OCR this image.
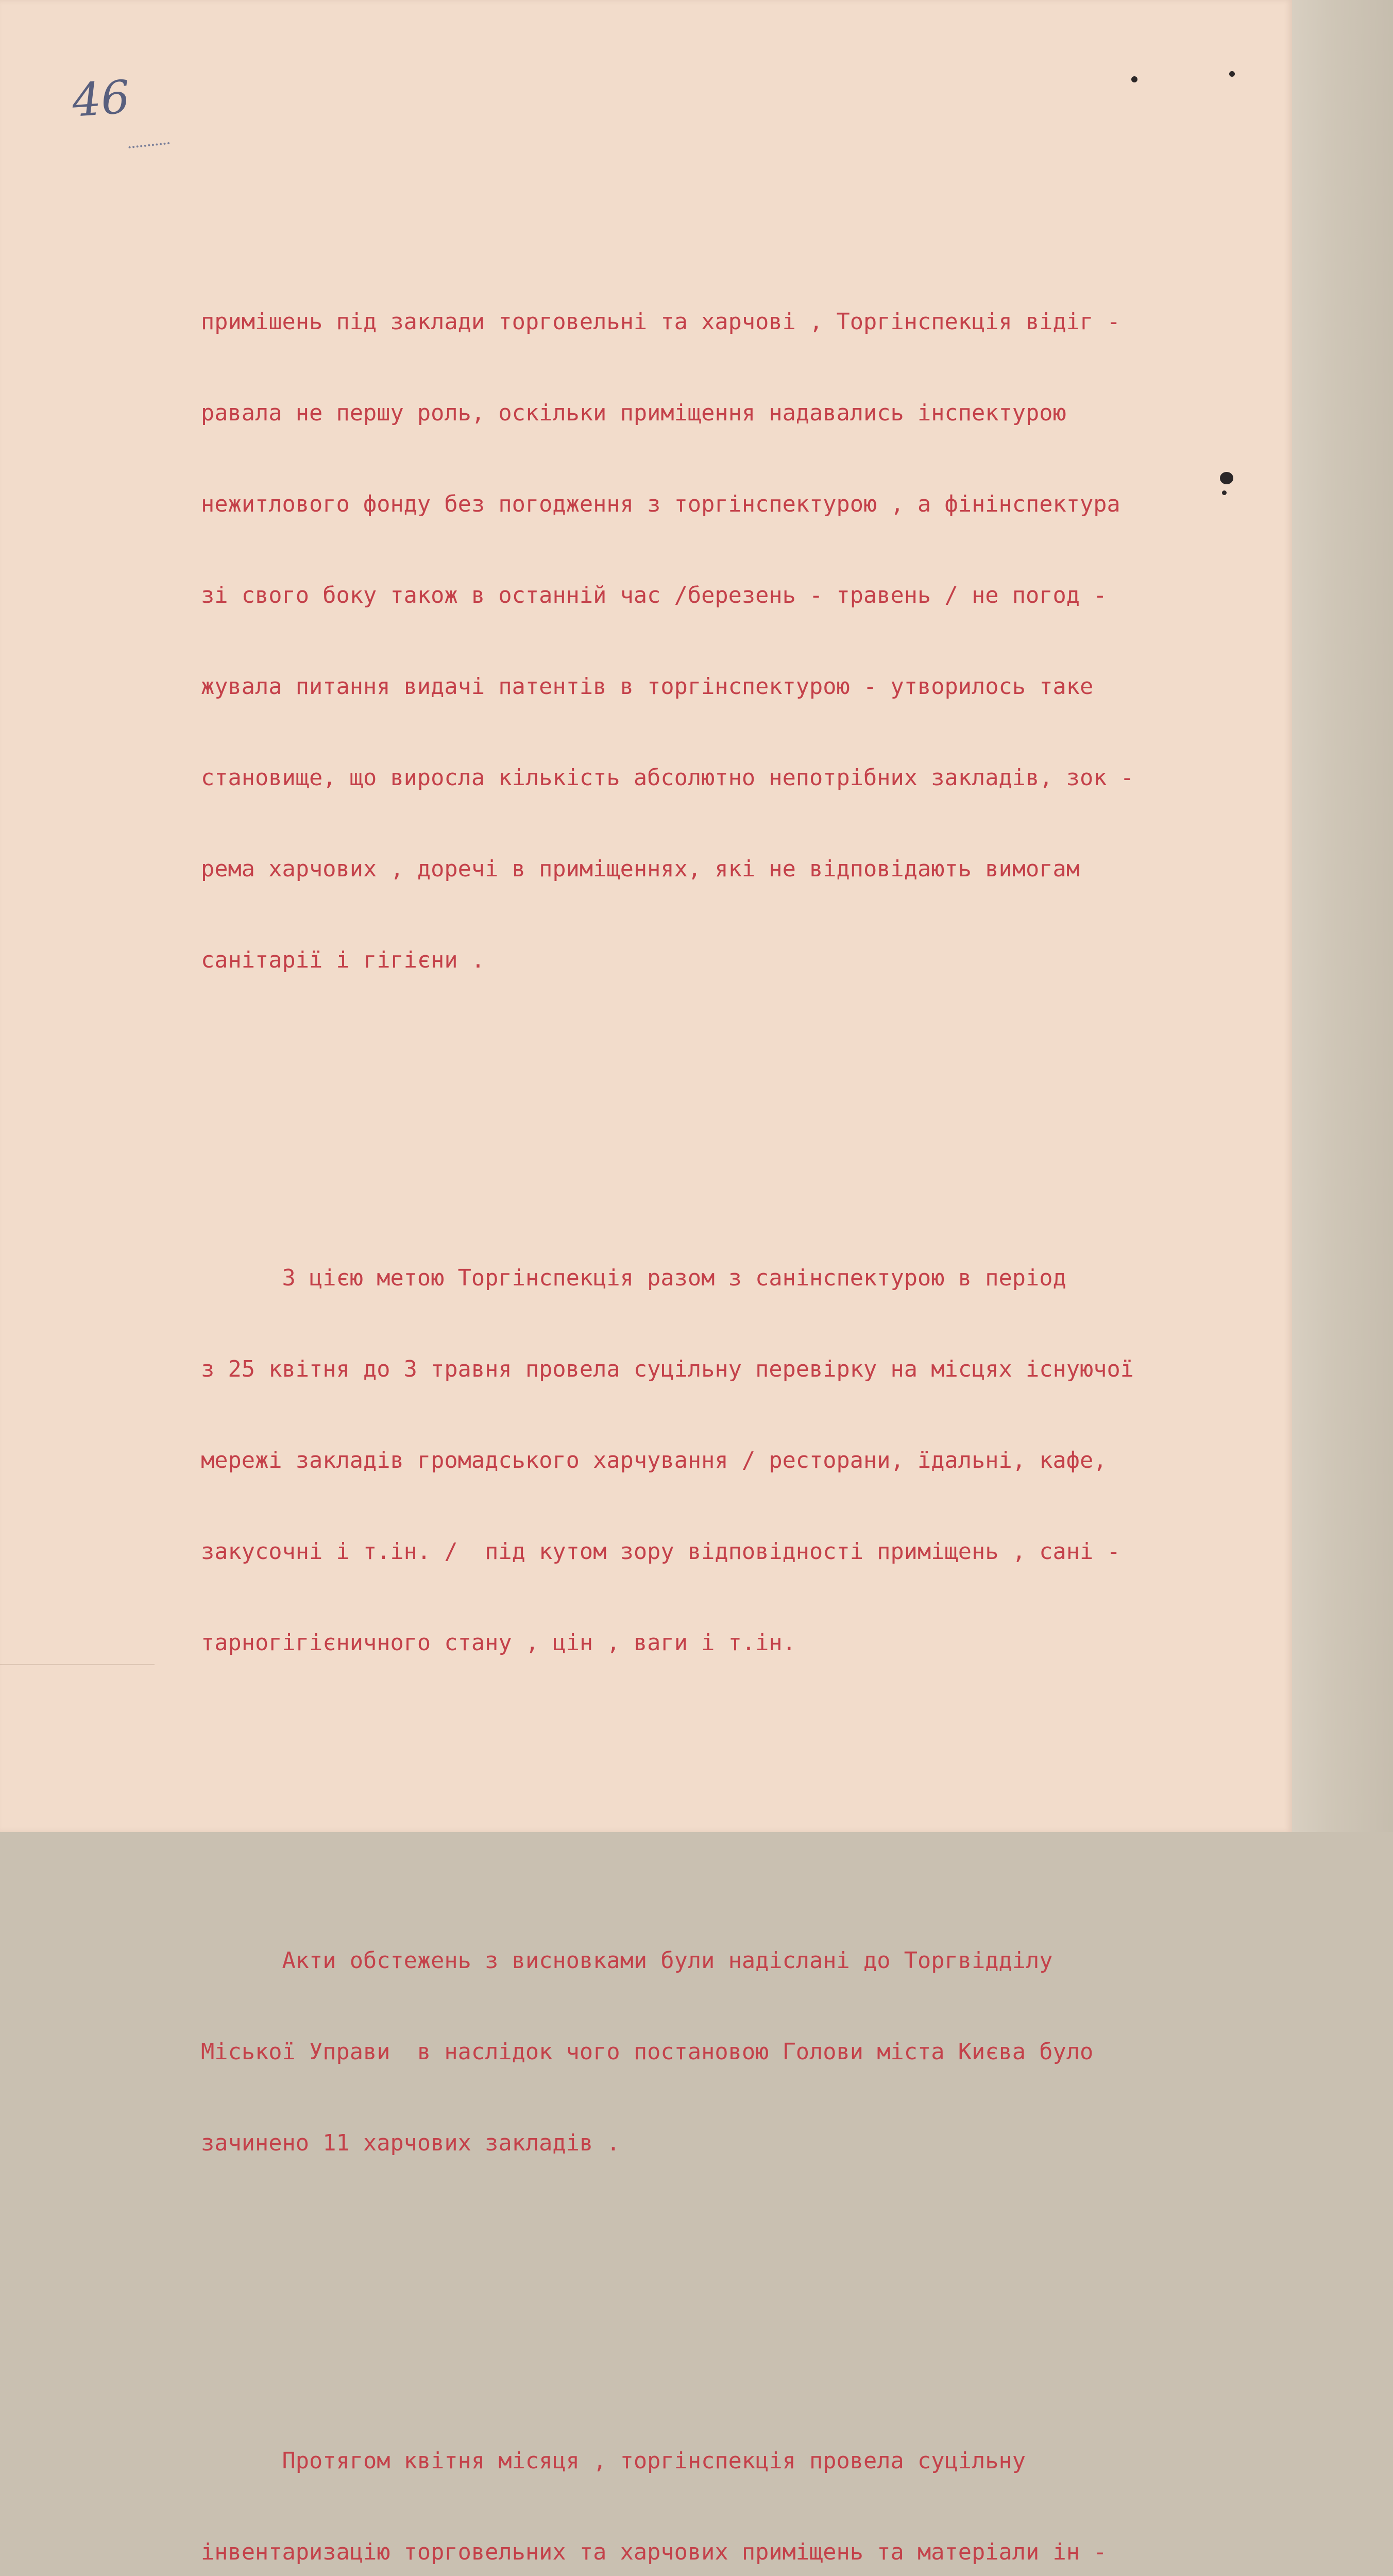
46

примішень під заклади торговельні та харчові , Торгінспекція відіг -

равала не першу роль, оскільки приміщення надавались інспектурою

нежитлового фонду без погодження з торгінспектурою , а фінінспектура

зі свого боку також в останній час /березень - травень / не погод -

жувала питання видачі патентів в торгінспектурою - утворилось таке

становище, що виросла кількість абсолютно непотрібних закладів, зок -

рема харчових , доречі в приміщеннях, які не відповідають вимогам

санітарії і гігієни .

З цією метою Торгінспекція разом з санінспектурою в період

з 25 квітня до 3 травня провела суцільну перевірку на місцях існуючої

мережі закладів громадського харчування / ресторани, їдальні, кафе,

закусочні і т.ін. /  під кутом зору відповідності приміщень , сані -

тарногігієничного стану , цін , ваги і т.ін.

Акти обстежень з висновками були надіслані до Торгвідділу

Міської Управи  в наслідок чого постановою Голови міста Києва було

зачинено 11 харчових закладів .

Протягом квітня місяця , торгінспекція провела суцільну

інвентаризацію торговельних та харчових приміщень та матеріали ін -
